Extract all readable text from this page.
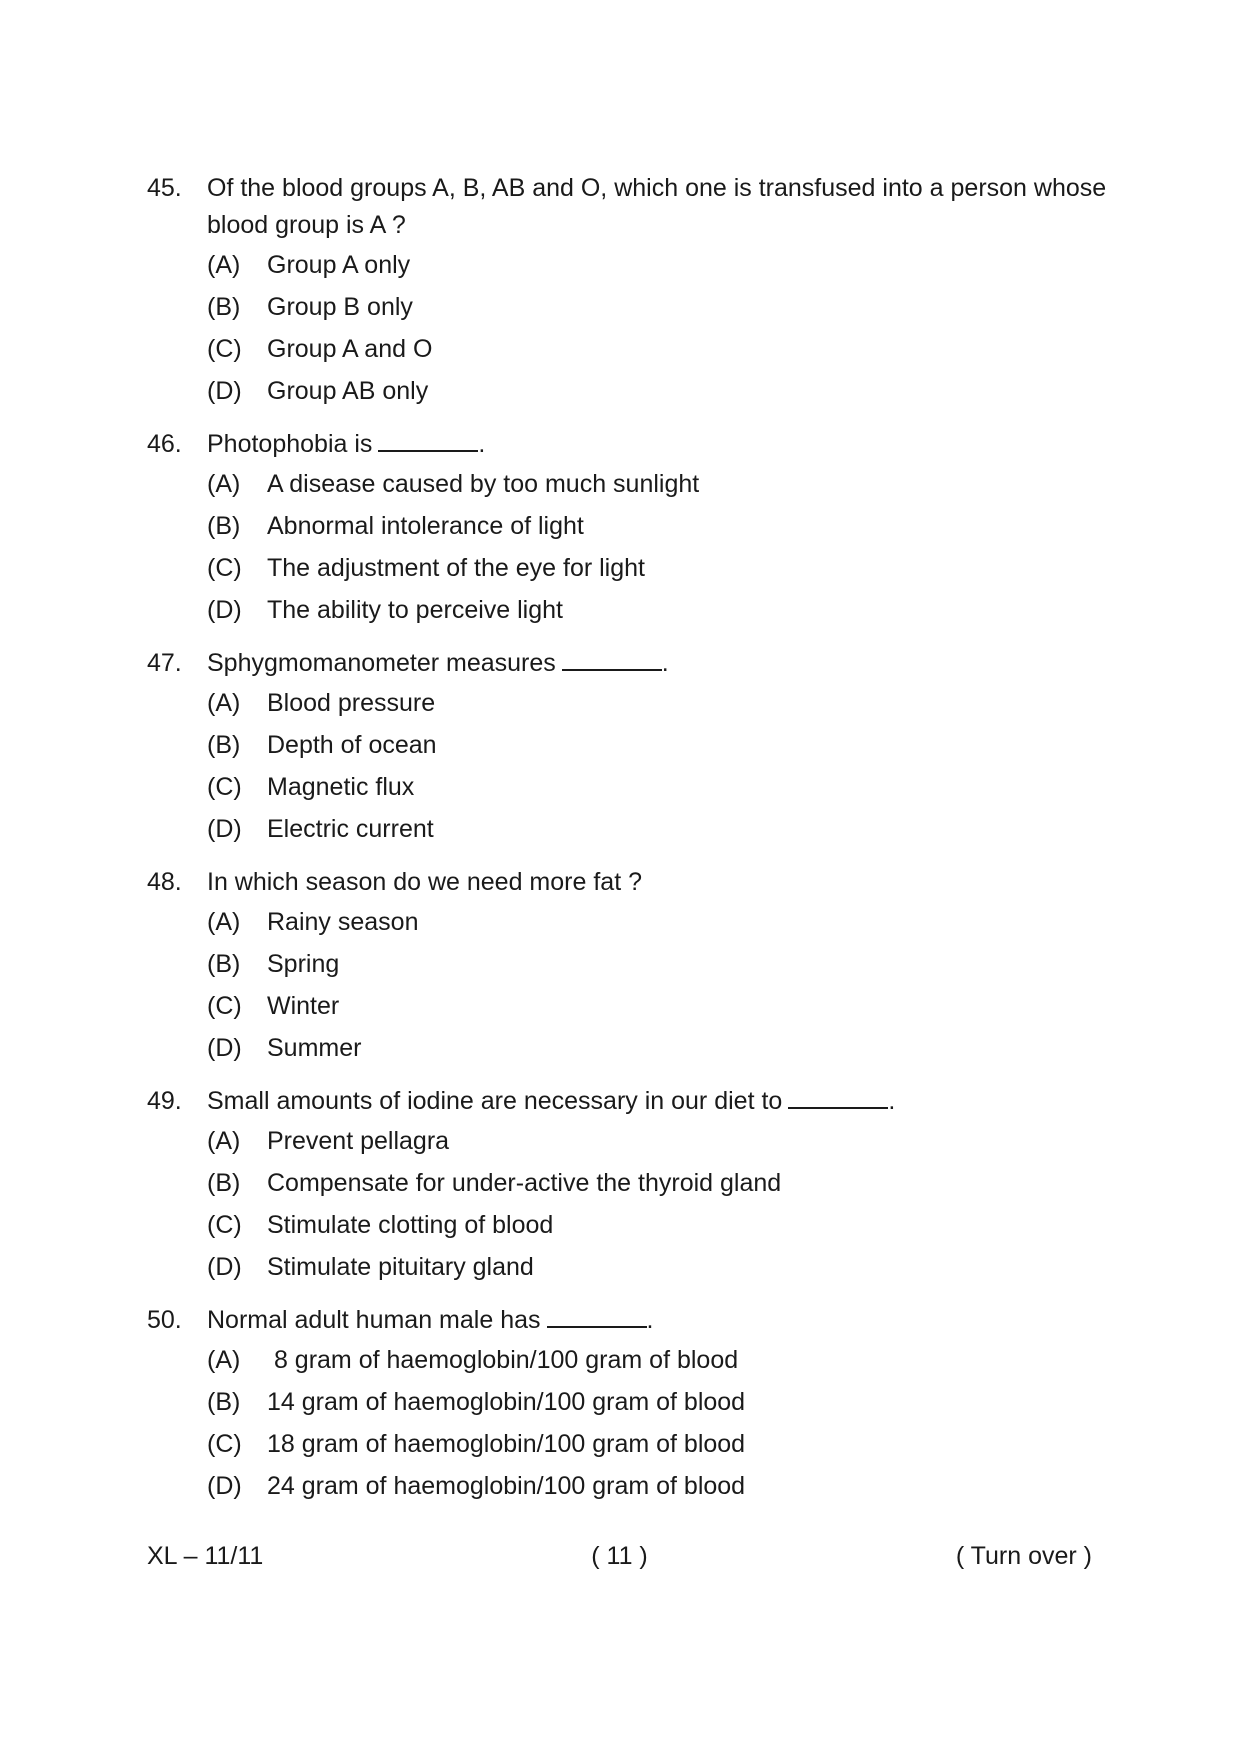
45.	Of the blood groups A, B, AB and O, which one is transfused into a person whose blood group is A ?
(A)	Group A only
(B)	Group B only
(C)	Group A and O
(D)	Group AB only
46.	Photophobia is	.
(A)	A disease caused by too much sunlight
(B)	Abnormal intolerance of light
(C)	The adjustment of the eye for light
(D)	The ability to perceive light
47.	Sphygmomanometer measures	.
(A)	Blood pressure
(B)	Depth of ocean
(C)	Magnetic flux
(D)	Electric current
48.	In which season do we need more fat ?
(A)	Rainy season
(B)	Spring
(C)	Winter
(D)	Summer
49.	Small amounts of iodine are necessary in our diet to	.
(A)	Prevent pellagra
(B)	Compensate for under-active the thyroid gland
(C)	Stimulate clotting of blood
(D)	Stimulate pituitary gland
50.	Normal adult human male has	.
(A)	8 gram of haemoglobin/100 gram of blood
(B)	14 gram of haemoglobin/100 gram of blood
(C)	18 gram of haemoglobin/100 gram of blood
(D)	24 gram of haemoglobin/100 gram of blood
XL – 11/11	( 11 )	( Turn over )
